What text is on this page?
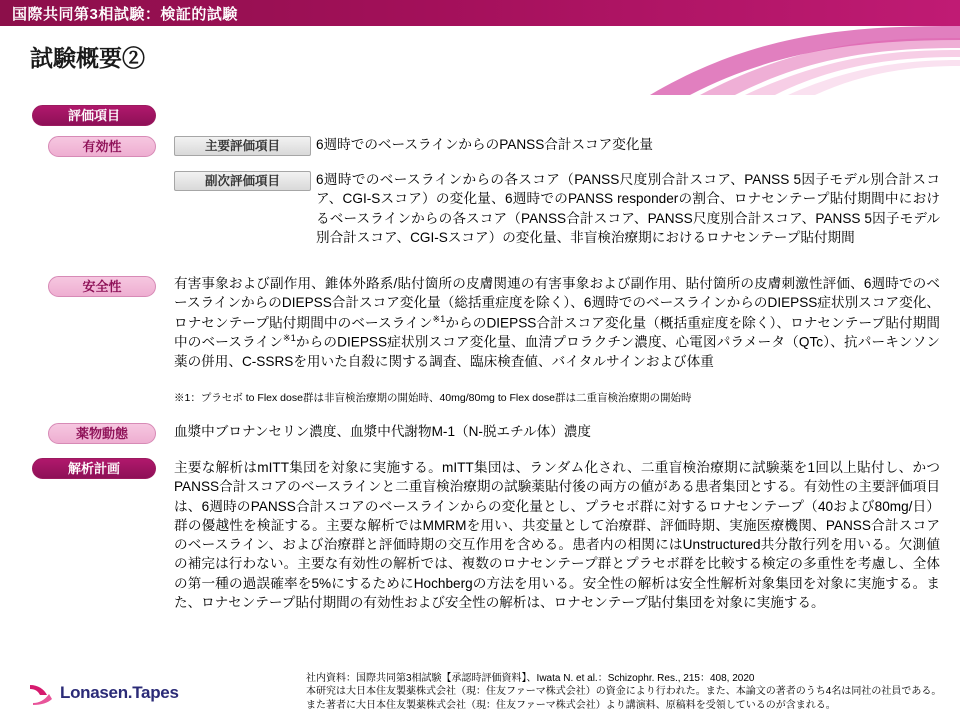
国際共同第3相試験：検証的試験
試験概要②
評価項目
有効性	主要評価項目	6週時でのベースラインからのPANSS合計スコア変化量
副次評価項目	6週時でのベースラインからの各スコア（PANSS尺度別合計スコア、PANSS 5因子モデル別合計スコア、CGI-Sスコア）の変化量、6週時でのPANSS responderの割合、ロナセンテープ貼付期間中におけるベースラインからの各スコア（PANSS合計スコア、PANSS尺度別合計スコア、PANSS 5因子モデル別合計スコア、CGI-Sスコア）の変化量、非盲検治療期におけるロナセンテープ貼付期間
安全性	有害事象および副作用、錐体外路系/貼付箇所の皮膚関連の有害事象および副作用、貼付箇所の皮膚刺激性評価、6週時でのベースラインからのDIEPSS合計スコア変化量（総括重症度を除く）、6週時でのベースラインからのDIEPSS症状別スコア変化、ロナセンテープ貼付期間中のベースライン$^{※1}$からのDIEPSS合計スコア変化量（概括重症度を除く）、ロナセンテープ貼付期間中のベースライン$^{※1}$からのDIEPSS症状別スコア変化量、血清プロラクチン濃度、心電図パラメータ（QTc）、抗パーキンソン薬の併用、C-SSRSを用いた自殺に関する調査、臨床検査値、バイタルサインおよび体重
※1：プラセボ to Flex dose群は非盲検治療期の開始時、40mg/80mg to Flex dose群は二重盲検治療期の開始時
薬物動態	血漿中ブロナンセリン濃度、血漿中代謝物M-1（N-脱エチル体）濃度
解析計画	主要な解析はmITT集団を対象に実施する。mITT集団は、ランダム化され、二重盲検治療期に試験薬を1回以上貼付し、かつPANSS合計スコアのベースラインと二重盲検治療期の試験薬貼付後の両方の値がある患者集団とする。有効性の主要評価項目は、6週時のPANSS合計スコアのベースラインからの変化量とし、プラセボ群に対するロナセンテープ（40および80mg/日）群の優越性を検証する。主要な解析ではMMRMを用い、共変量として治療群、評価時期、実施医療機関、PANSS合計スコアのベースライン、および治療群と評価時期の交互作用を含める。患者内の相関にはUnstructured共分散行列を用いる。欠測値の補完は行わない。主要な有効性の解析では、複数のロナセンテープ群とプラセボ群を比較する検定の多重性を考慮し、全体の第一種の過誤確率を5%にするためにHochbergの方法を用いる。安全性の解析は安全性解析対象集団を対象に実施する。また、ロナセンテープ貼付期間の有効性および安全性の解析は、ロナセンテープ貼付集団を対象に実施する。
Lonasen.Tapes
社内資料：国際共同第3相試験【承認時評価資料】、Iwata N. et al.：Schizophr. Res., 215：408, 2020
本研究は大日本住友製薬株式会社（現：住友ファーマ株式会社）の資金により行われた。また、本論文の著者のうち4名は同社の社員である。
また著者に大日本住友製薬株式会社（現：住友ファーマ株式会社）より講演料、原稿料を受領しているのが含まれる。
